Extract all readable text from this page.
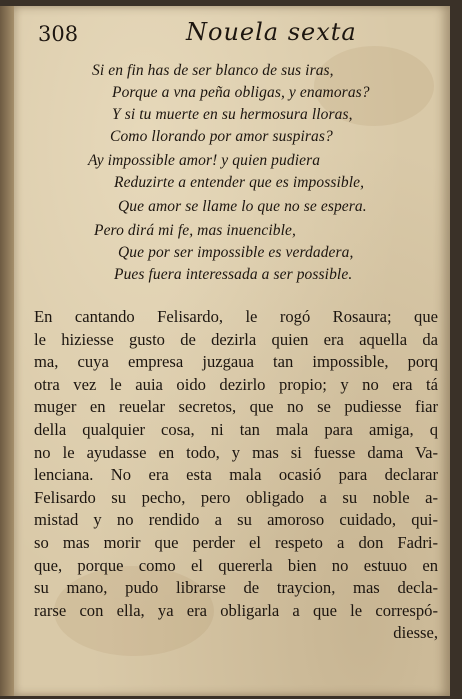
308	Nouela sexta
Si en fin has de ser blanco de sus iras,
Porque a vna peña obligas, y enamoras?
Y si tu muerte en su hermosura lloras,
Como llorando por amor suspiras?
Ay impossible amor! y quien pudiera
Reduzirte a entender que es impossible,
Que amor se llame lo que no se espera.
Pero dirá mi fe, mas inuencible,
Que por ser impossible es verdadera,
Pues fuera interessada a ser possible.
En cantando Felisardo, le rogó Rosaura; que
le hiziesse gusto de dezirla quien era aquella da
ma, cuya empresa juzgaua tan impossible, porq
otra vez le auia oido dezirlo propio; y no era tá
muger en reuelar secretos, que no se pudiesse fiar
della qualquier cosa, ni tan mala para amiga, q
no le ayudasse en todo, y mas si fuesse dama Va-
lenciana. No era esta mala ocasió para declarar
Felisardo su pecho, pero obligado a su noble a-
mistad y no rendido a su amoroso cuidado, qui-
so mas morir que perder el respeto a don Fadri-
que, porque como el quererla bien no estuuo en
su mano, pudo librarse de traycion, mas decla-
rarse con ella, ya era obligarla a que le correspó-
diesse,
